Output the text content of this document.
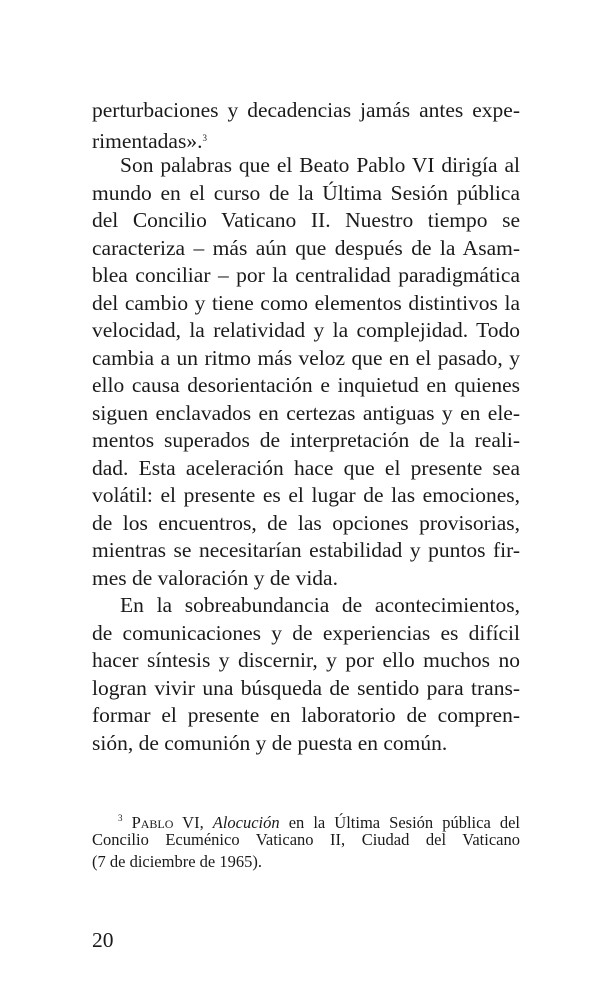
perturbaciones y decadencias jamás antes expe-
rimentadas».$^3$
Son palabras que el Beato Pablo VI dirigía al
mundo en el curso de la Última Sesión pública
del Concilio Vaticano II. Nuestro tiempo se
caracteriza – más aún que después de la Asam-
blea conciliar – por la centralidad paradigmática
del cambio y tiene como elementos distintivos la
velocidad, la relatividad y la complejidad. Todo
cambia a un ritmo más veloz que en el pasado, y
ello causa desorientación e inquietud en quienes
siguen enclavados en certezas antiguas y en ele-
mentos superados de interpretación de la reali-
dad. Esta aceleración hace que el presente sea
volátil: el presente es el lugar de las emociones,
de los encuentros, de las opciones provisorias,
mientras se necesitarían estabilidad y puntos fir-
mes de valoración y de vida.
En la sobreabundancia de acontecimientos,
de comunicaciones y de experiencias es difícil
hacer síntesis y discernir, y por ello muchos no
logran vivir una búsqueda de sentido para trans-
formar el presente en laboratorio de compren-
sión, de comunión y de puesta en común.
$^3$ Pablo VI, Alocución en la Última Sesión pública del
Concilio Ecuménico Vaticano II, Ciudad del Vaticano
(7 de diciembre de 1965).
20
